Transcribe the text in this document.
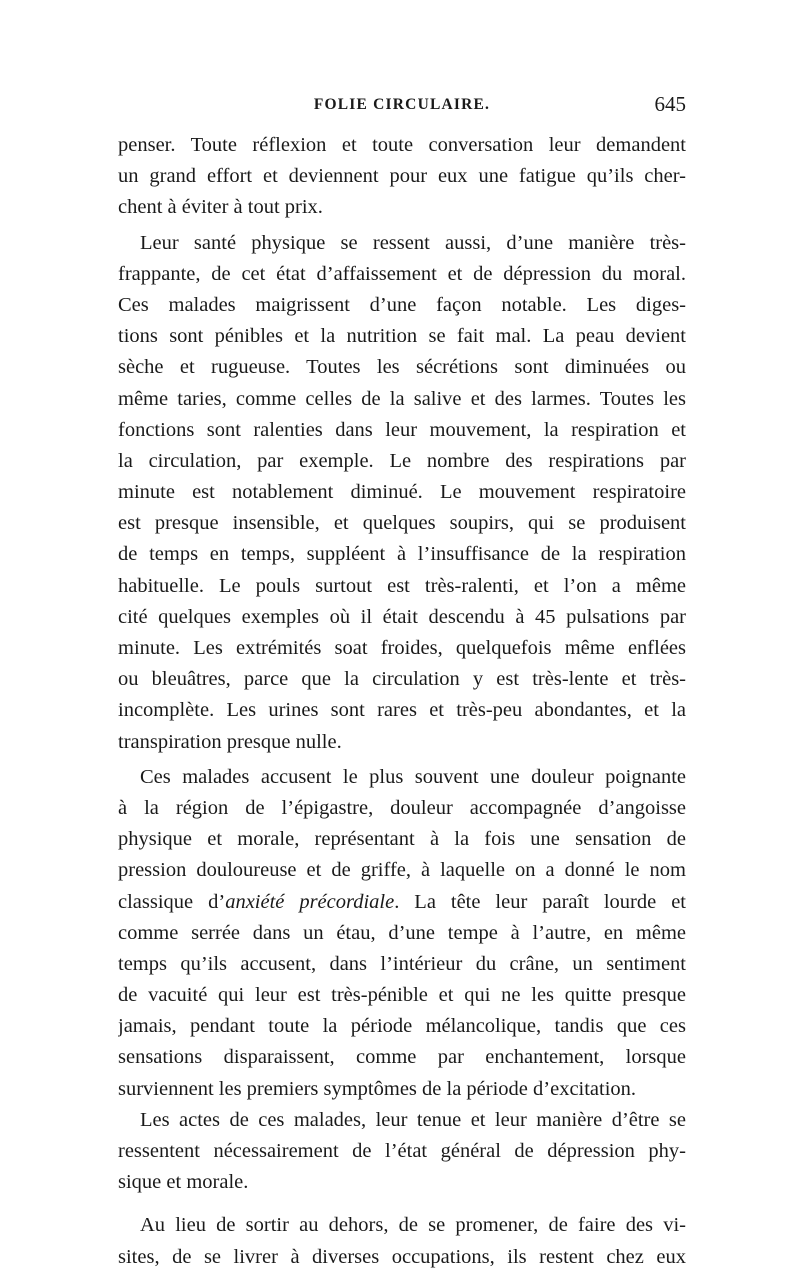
FOLIE CIRCULAIRE.	645
penser. Toute réflexion et toute conversation leur demandent
un grand effort et deviennent pour eux une fatigue qu’ils cher-
chent à éviter à tout prix.
Leur santé physique se ressent aussi, d’une manière très-
frappante, de cet état d’affaissement et de dépression du moral.
Ces malades maigrissent d’une façon notable. Les diges-
tions sont pénibles et la nutrition se fait mal. La peau devient
sèche et rugueuse. Toutes les sécrétions sont diminuées ou
même taries, comme celles de la salive et des larmes. Toutes les
fonctions sont ralenties dans leur mouvement, la respiration et
la circulation, par exemple. Le nombre des respirations par
minute est notablement diminué. Le mouvement respiratoire
est presque insensible, et quelques soupirs, qui se produisent
de temps en temps, suppléent à l’insuffisance de la respiration
habituelle. Le pouls surtout est très-ralenti, et l’on a même
cité quelques exemples où il était descendu à 45 pulsations par
minute. Les extrémités soat froides, quelquefois même enflées
ou bleuâtres, parce que la circulation y est très-lente et très-
incomplète. Les urines sont rares et très-peu abondantes, et la
transpiration presque nulle.
Ces malades accusent le plus souvent une douleur poignante
à la région de l’épigastre, douleur accompagnée d’angoisse
physique et morale, représentant à la fois une sensation de
pression douloureuse et de griffe, à laquelle on a donné le nom
classique d’anxiété précordiale. La tête leur paraît lourde et
comme serrée dans un étau, d’une tempe à l’autre, en même
temps qu’ils accusent, dans l’intérieur du crâne, un sentiment
de vacuité qui leur est très-pénible et qui ne les quitte presque
jamais, pendant toute la période mélancolique, tandis que ces
sensations disparaissent, comme par enchantement, lorsque
surviennent les premiers symptômes de la période d’excitation.
Les actes de ces malades, leur tenue et leur manière d’être se
ressentent nécessairement de l’état général de dépression phy-
sique et morale.
Au lieu de sortir au dehors, de se promener, de faire des vi-
sites, de se livrer à diverses occupations, ils restent chez eux
